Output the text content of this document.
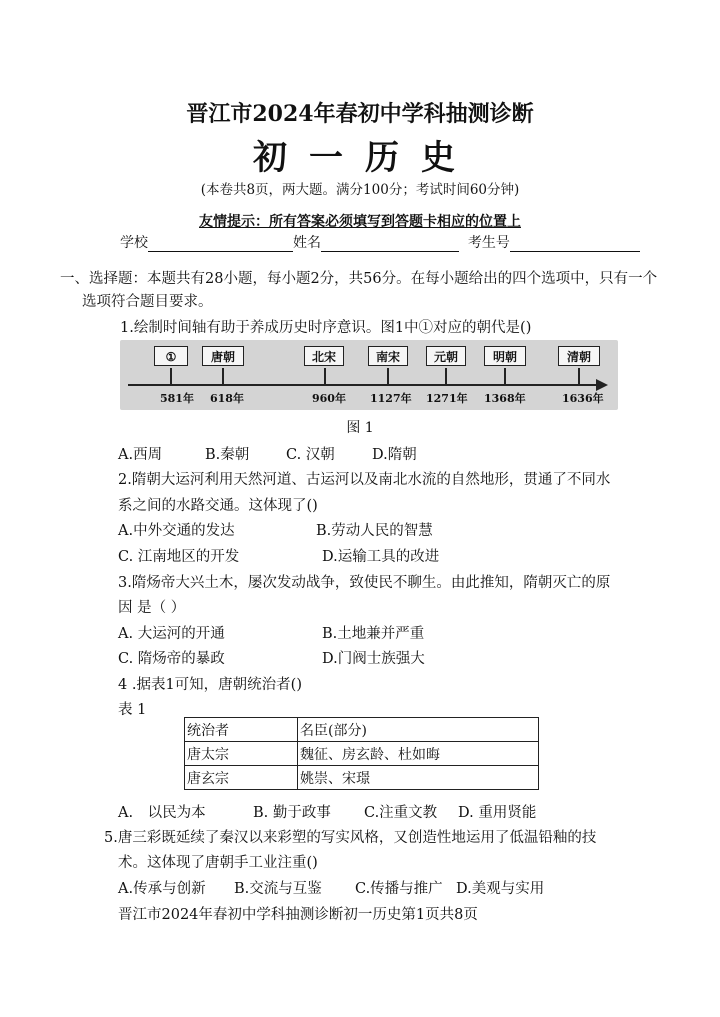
晋江市2024年春初中学科抽测诊断
初一历史
(本卷共8页，两大题。满分100分；考试时间60分钟)
友情提示：所有答案必须填写到答题卡相应的位置上
学校	姓名	考生号
一、选择题：本题共有28小题，每小题2分，共56分。在每小题给出的四个选项中，只有一个选项符合题目要求。
1.绘制时间轴有助于养成历史时序意识。图1中①对应的朝代是()
①
581年
唐朝
618年
北宋
960年
南宋
1127年
元朝
1271年
明朝
1368年
清朝
1636年
图 1
A.西周	B.秦朝	C. 汉朝	D.隋朝
2.隋朝大运河利用天然河道、古运河以及南北水流的自然地形，贯通了不同水
系之间的水路交通。这体现了()
A.中外交通的发达	B.劳动人民的智慧
C. 江南地区的开发	D.运输工具的改进
3.隋炀帝大兴土木，屡次发动战争，致使民不聊生。由此推知，隋朝灭亡的原
因 是（ ）
A. 大运河的开通	B.土地兼并严重
C. 隋炀帝的暴政	D.门阀士族强大
4 .据表1可知，唐朝统治者()
表 1
统治者	名臣(部分)
唐太宗	魏征、房玄龄、杜如晦
唐玄宗	姚崇、宋璟
A.　以民为本	B. 勤于政事 C.注重文教 D. 重用贤能
5.唐三彩既延续了秦汉以来彩塑的写实风格，又创造性地运用了低温铅釉的技
术。这体现了唐朝手工业注重()
A.传承与创新 B.交流与互鉴 C.传播与推广 D.美观与实用
晋江市2024年春初中学科抽测诊断初一历史第1页共8页
